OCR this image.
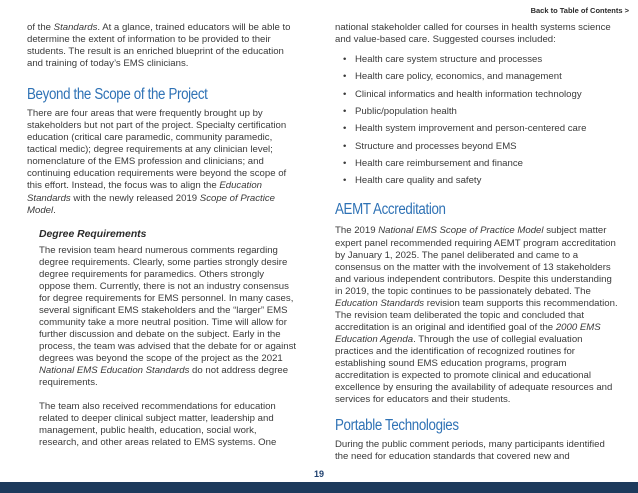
Back to Table of Contents >

of the Standards. At a glance, trained educators will be able to determine the extent of information to be provided to their students. The result is an enriched blueprint of the education and training of today’s EMS clinicians.

Beyond the Scope of the Project

There are four areas that were frequently brought up by stakeholders but not part of the project. Specialty certification education (critical care paramedic, community paramedic, tactical medic); degree requirements at any clinician level; nomenclature of the EMS profession and clinicians; and continuing education requirements were beyond the scope of this effort. Instead, the focus was to align the Education Standards with the newly released 2019 Scope of Practice Model.

Degree Requirements

The revision team heard numerous comments regarding degree requirements. Clearly, some parties strongly desire degree requirements for paramedics. Others strongly oppose them. Currently, there is not an industry consensus for degree requirements for EMS personnel. In many cases, several significant EMS stakeholders and the “larger” EMS community take a more neutral position. Time will allow for further discussion and debate on the subject. Early in the process, the team was advised that the debate for or against degrees was beyond the scope of the project as the 2021 National EMS Education Standards do not address degree requirements.

The team also received recommendations for education related to deeper clinical subject matter, leadership and management, public health, education, social work, research, and other areas related to EMS systems. One

national stakeholder called for courses in health systems science and value-based care. Suggested courses included:

• Health care system structure and processes
• Health care policy, economics, and management
• Clinical informatics and health information technology
• Public/population health
• Health system improvement and person-centered care
• Structure and processes beyond EMS
• Health care reimbursement and finance
• Health care quality and safety
AEMT Accreditation

The 2019 National EMS Scope of Practice Model subject matter expert panel recommended requiring AEMT program accreditation by January 1, 2025. The panel deliberated and came to a consensus on the matter with the involvement of 13 stakeholders and various independent contributors. Despite this understanding in 2019, the topic continues to be passionately debated. The Education Standards revision team supports this recommendation. The revision team deliberated the topic and concluded that accreditation is an original and identified goal of the 2000 EMS Education Agenda. Through the use of collegial evaluation practices and the identification of recognized routines for establishing sound EMS education programs, program accreditation is expected to promote clinical and educational excellence by ensuring the availability of adequate resources and services for educators and their students.

Portable Technologies

During the public comment periods, many participants identified the need for education standards that covered new and

19
